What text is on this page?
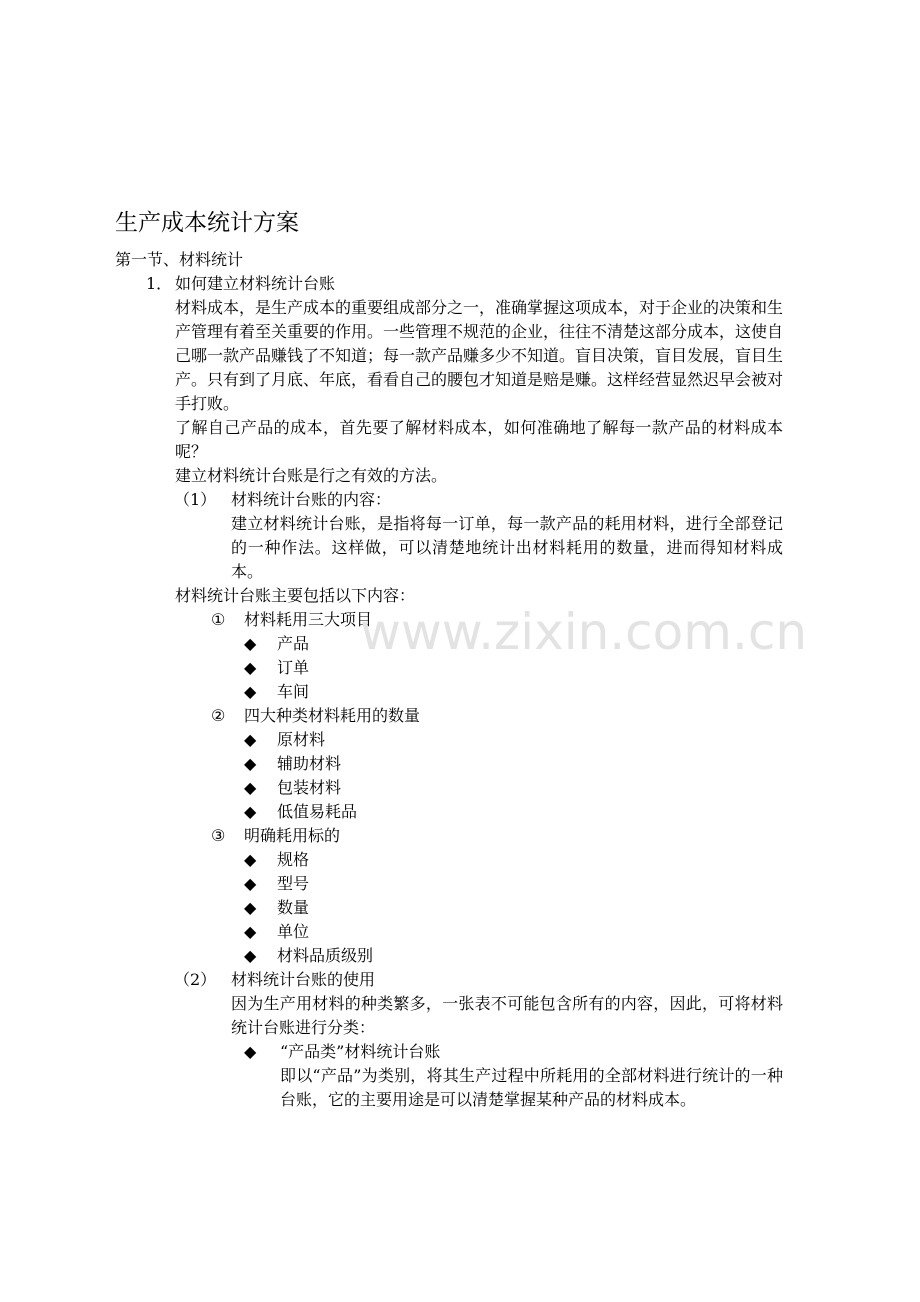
生产成本统计方案
第一节、材料统计
1． 如何建立材料统计台账
材料成本，是生产成本的重要组成部分之一，准确掌握这项成本，对于企业的决策和生产管理有着至关重要的作用。一些管理不规范的企业，往往不清楚这部分成本，这使自己哪一款产品赚钱了不知道；每一款产品赚多少不知道。盲目决策，盲目发展，盲目生产。只有到了月底、年底，看看自己的腰包才知道是赔是赚。这样经营显然迟早会被对手打败。
了解自己产品的成本，首先要了解材料成本，如何准确地了解每一款产品的材料成本呢？
建立材料统计台账是行之有效的方法。
（1） 材料统计台账的内容：
建立材料统计台账，是指将每一订单，每一款产品的耗用材料，进行全部登记的一种作法。这样做，可以清楚地统计出材料耗用的数量，进而得知材料成本。
材料统计台账主要包括以下内容：
① 材料耗用三大项目
◆ 产品
◆ 订单
◆ 车间
② 四大种类材料耗用的数量
◆ 原材料
◆ 辅助材料
◆ 包装材料
◆ 低值易耗品
③ 明确耗用标的
◆ 规格
◆ 型号
◆ 数量
◆ 单位
◆ 材料品质级别
（2） 材料统计台账的使用
因为生产用材料的种类繁多，一张表不可能包含所有的内容，因此，可将材料统计台账进行分类：
◆ “产品类”材料统计台账
即以“产品”为类别，将其生产过程中所耗用的全部材料进行统计的一种台账，它的主要用途是可以清楚掌握某种产品的材料成本。
www.zixin.com.cn
